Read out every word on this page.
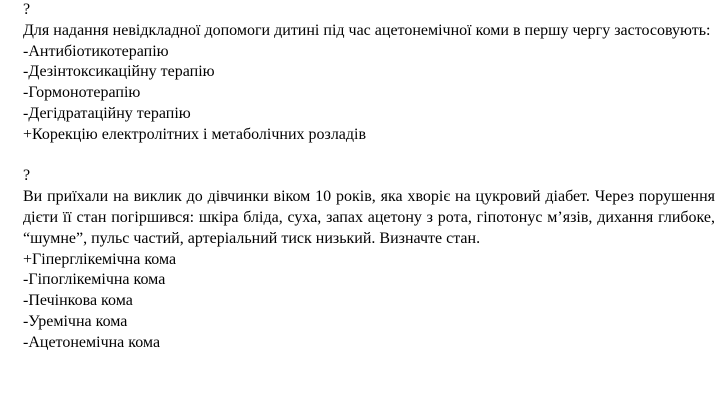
?
Для надання невідкладної допомоги дитині під час ацетонемічної коми в першу чергу застосовують:
-Антибіотикотерапію
-Дезінтоксикаційну терапію
-Гормонотерапію
-Дегідратаційну терапію
+Корекцію електролітних і метаболічних розладів
?
Ви приїхали на виклик до дівчинки віком 10 років, яка хворіє на цукровий діабет. Через порушення дієти її стан погіршився: шкіра бліда, суха, запах ацетону з рота, гіпотонус м’язів, дихання глибоке, “шумне”, пульс частий, артеріальний тиск низький. Визначте стан.
+Гіперглікемічна кома
-Гіпоглікемічна кома
-Печінкова кома
-Уремічна кома
-Ацетонемічна кома
